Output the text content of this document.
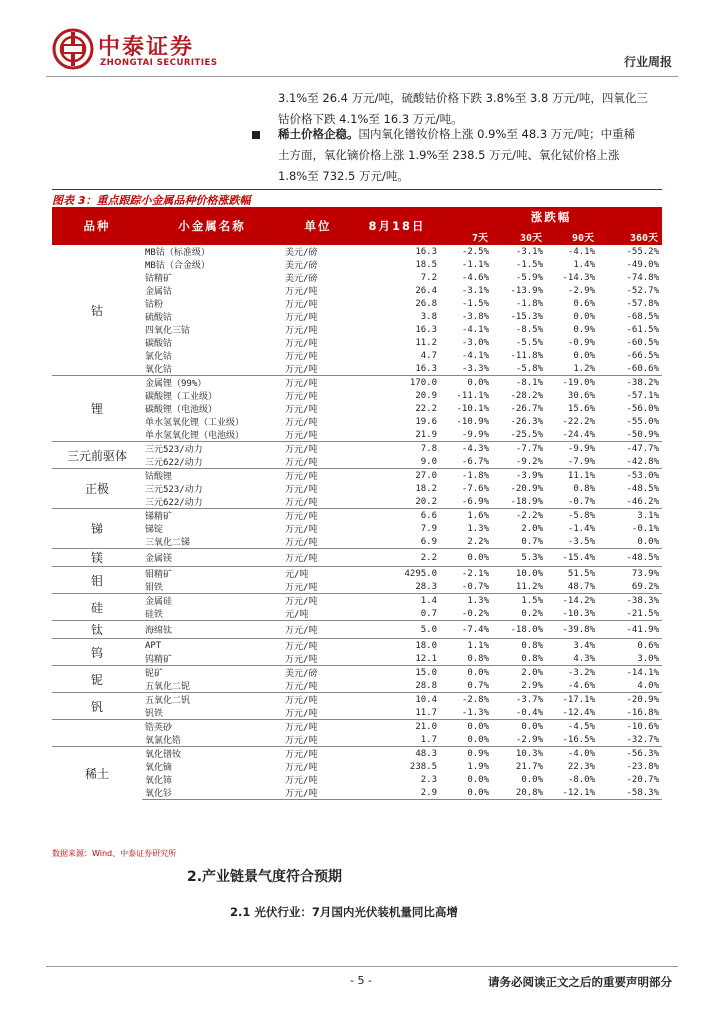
中泰证券
ZHONGTAI SECURITIES	行业周报
3.1%至 26.4 万元/吨，硫酸钴价格下跌 3.8%至 3.8 万元/吨，四氧化三
钴价格下跌 4.1%至 16.3 万元/吨。
稀土价格企稳。国内氧化镨钕价格上涨 0.9%至 48.3 万元/吨；中重稀
土方面，氧化镝价格上涨 1.9%至 238.5 万元/吨、氧化铽价格上涨
1.8%至 732.5 万元/吨。
图表 3：重点跟踪小金属品种价格涨跌幅
品种	小金属名称	单位	8月18日	涨跌幅			
				7天	30天	90天	360天
钴	MB钴（标准级）	美元/磅	16.3	-2.5%	-3.1%	-4.1%	-55.2%
	MB钴（合金级）	美元/磅	18.5	-1.1%	-1.5%	1.4%	-49.0%
	钴精矿	美元/磅	7.2	-4.6%	-5.9%	-14.3%	-74.8%
	金属钴	万元/吨	26.4	-3.1%	-13.9%	-2.9%	-52.7%
	钴粉	万元/吨	26.8	-1.5%	-1.8%	0.6%	-57.8%
	硫酸钴	万元/吨	3.8	-3.8%	-15.3%	0.0%	-68.5%
	四氧化三钴	万元/吨	16.3	-4.1%	-8.5%	0.9%	-61.5%
	碳酸钴	万元/吨	11.2	-3.0%	-5.5%	-0.9%	-60.5%
	氯化钴	万元/吨	4.7	-4.1%	-11.8%	0.0%	-66.5%
	氧化钴	万元/吨	16.3	-3.3%	-5.8%	1.2%	-60.6%
锂	金属锂（99%）	万元/吨	170.0	0.0%	-8.1%	-19.0%	-38.2%
	碳酸锂（工业级）	万元/吨	20.9	-11.1%	-28.2%	30.6%	-57.1%
	碳酸锂（电池级）	万元/吨	22.2	-10.1%	-26.7%	15.6%	-56.0%
	单水氢氧化锂（工业级）	万元/吨	19.6	-10.9%	-26.3%	-22.2%	-55.0%
	单水氢氧化锂（电池级）	万元/吨	21.9	-9.9%	-25.5%	-24.4%	-50.9%
三元前驱体	三元523/动力	万元/吨	7.8	-4.3%	-7.7%	-9.9%	-47.7%
	三元622/动力	万元/吨	9.0	-6.7%	-9.2%	-7.9%	-42.8%
正极	钴酸锂	万元/吨	27.0	-1.8%	-3.9%	11.1%	-53.0%
	三元523/动力	万元/吨	18.2	-7.6%	-20.9%	0.8%	-48.5%
	三元622/动力	万元/吨	20.2	-6.9%	-18.9%	-0.7%	-46.2%
锑	锑精矿	万元/吨	6.6	1.6%	-2.2%	-5.8%	3.1%
	锑锭	万元/吨	7.9	1.3%	2.0%	-1.4%	-0.1%
	三氧化二锑	万元/吨	6.9	2.2%	0.7%	-3.5%	0.0%
镁	金属镁	万元/吨	2.2	0.0%	5.3%	-15.4%	-48.5%
钼	钼精矿	元/吨	4295.0	-2.1%	10.0%	51.5%	73.9%
	钼铁	万元/吨	28.3	-0.7%	11.2%	48.7%	69.2%
硅	金属硅	万元/吨	1.4	1.3%	1.5%	-14.2%	-38.3%
	硅铁	元/吨	0.7	-0.2%	0.2%	-10.3%	-21.5%
钛	海绵钛	万元/吨	5.0	-7.4%	-18.0%	-39.8%	-41.9%
钨	APT	万元/吨	18.0	1.1%	0.8%	3.4%	0.6%
	钨精矿	万元/吨	12.1	0.8%	0.8%	4.3%	3.0%
铌	铌矿	美元/磅	15.0	0.0%	2.0%	-3.2%	-14.1%
	五氧化二铌	万元/吨	28.8	0.7%	2.9%	-4.6%	4.0%
钒	五氧化二钒	万元/吨	10.4	-2.8%	-3.7%	-17.1%	-20.9%
	钒铁	万元/吨	11.7	-1.3%	-0.4%	-12.4%	-16.8%
	锆英砂	万元/吨	21.0	0.0%	0.0%	-4.5%	-10.6%
	氧氯化锆	万元/吨	1.7	0.0%	-2.9%	-16.5%	-32.7%
稀土	氧化镨钕	万元/吨	48.3	0.9%	10.3%	-4.0%	-56.3%
	氧化镝	万元/吨	238.5	1.9%	21.7%	22.3%	-23.8%
	氧化铈	万元/吨	2.3	0.0%	0.0%	-8.0%	-20.7%
	氧化钐	万元/吨	2.9	0.0%	20.8%	-12.1%	-58.3%
数据来源：Wind、中泰证券研究所
2.产业链景气度符合预期
2.1 光伏行业：7月国内光伏装机量同比高增
- 5 -	请务必阅读正文之后的重要声明部分
